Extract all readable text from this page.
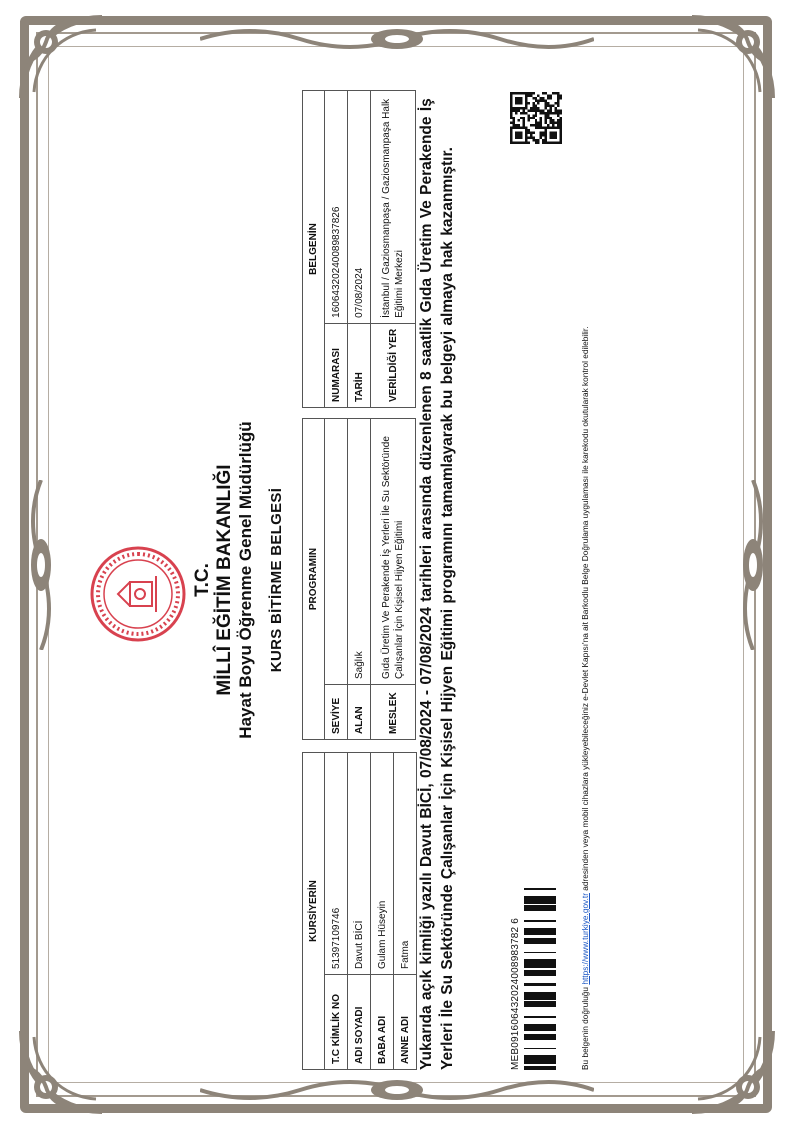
T.C. MİLLÎ EĞİTİM BAKANLIĞI Hayat Boyu Öğrenme Genel Müdürlüğü KURS BİTİRME BELGESİ

KURSİYERİN	
T.C KİMLİK NO	51397109746
ADI SOYADI	Davut BİCİ
BABA ADI	Gulam Hüseyin
ANNE ADI	Fatma
PROGRAMIN	
SEVİYE	
ALAN	Sağlık
MESLEK	Gıda Üretim Ve Perakende İş Yerleri İle Su Sektöründe Çalışanlar İçin Kişisel Hijyen Eğitimi
BELGENİN	
NUMARASI	16064320240089837826
TARİH	07/08/2024
VERİLDİĞİ YER	İstanbul / Gaziosmanpaşa / Gaziosmanpaşa Halk Eğitimi Merkezi

Yukarıda açık kimliği yazılı Davut BİCİ, 07/08/2024 - 07/08/2024 tarihleri arasında düzenlenen 8 saatlik Gıda Üretim Ve Perakende İş Yerleri İle Su Sektöründe Çalışanlar İçin Kişisel Hijyen Eğitimi programını tamamlayarak bu belgeyi almaya hak kazanmıştır.	MEB091606432024008983782 6	Bu belgenin doğruluğu https://www.turkiye.gov.tr adresinden veya mobil cihazlara yükleyebileceğiniz e-Devlet Kapısı'na ait Barkodlu Belge Doğrulama uygulaması ile karekodu okutularak kontrol edilebilir.
